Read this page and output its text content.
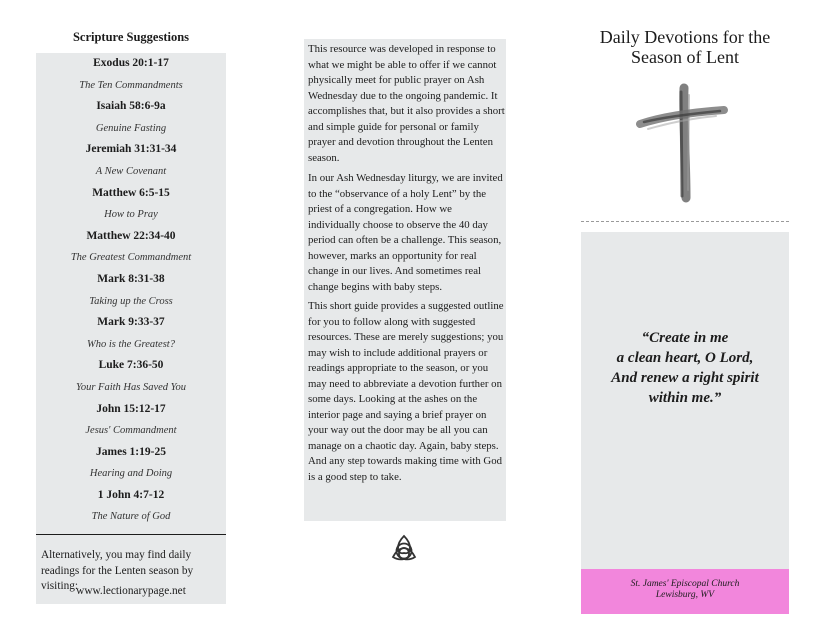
Scripture Suggestions
Exodus 20:1-17
The Ten Commandments
Isaiah 58:6-9a
Genuine Fasting
Jeremiah 31:31-34
A New Covenant
Matthew 6:5-15
How to Pray
Matthew 22:34-40
The Greatest Commandment
Mark 8:31-38
Taking up the Cross
Mark 9:33-37
Who is the Greatest?
Luke 7:36-50
Your Faith Has Saved You
John 15:12-17
Jesus' Commandment
James 1:19-25
Hearing and Doing
1 John 4:7-12
The Nature of God
Alternatively, you may find daily readings for the Lenten season by visiting:
www.lectionarypage.net

This resource was developed in response to what we might be able to offer if we cannot physically meet for public prayer on Ash Wednesday due to the ongoing pandemic. It accomplishes that, but it also provides a short and simple guide for personal or family prayer and devotion throughout the Lenten season.

In our Ash Wednesday liturgy, we are invited to the “observance of a holy Lent” by the priest of a congregation. How we individually choose to observe the 40 day period can often be a challenge. This season, however, marks an opportunity for real change in our lives. And sometimes real change begins with baby steps.

This short guide provides a suggested outline for you to follow along with suggested resources. These are merely suggestions; you may wish to include additional prayers or readings appropriate to the season, or you may need to abbreviate a devotion further on some days. Looking at the ashes on the interior page and saying a brief prayer on your way out the door may be all you can manage on a chaotic day. Again, baby steps. And any step towards making time with God is a good step to take.

Daily Devotions for the
Season of Lent
“Create in me
a clean heart, O Lord,
And renew a right spirit
within me.”
St. James' Episcopal Church
Lewisburg, WV
